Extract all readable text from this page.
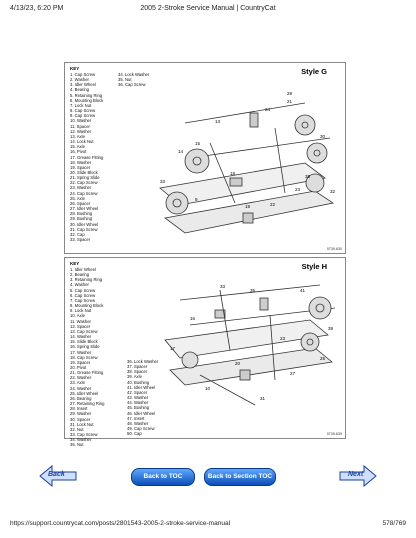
4/13/23, 6:20 PM	2005 2-Stroke Service Manual | CountryCat
KEY
1. Cap Screw
2. Washer
3. Idler Wheel
4. Bearing
5. Retaining Ring
6. Mounting Block
7. Lock Nut
8. Cap Screw
9. Cap Screw
10. Washer
11. Spacer
12. Washer
13. Axle
14. Lock Nut
15. Axle
16. Pivot
17. Grease Fitting
18. Washer
19. Spacer
20. Slide Block
21. Spring Slide
22. Cap Screw
23. Washer
24. Cap Screw
25. Axle
26. Spacer
27. Idler Wheel
28. Bushing
29. Bushing
30. Idler Wheel
31. Cap Screw
32. Cap
33. Spacer
34. Lock Washer
35. Nut
36. Cap Screw
Style G
13
15
14
28
21
18
24
30
35
33
9
22
23	32
19
0739-630
KEY
1. Idler Wheel
2. Bearing
3. Retaining Ring
4. Washer
5. Cap Screw
6. Cap Screw
7. Cap Screw
8. Mounting Block
9. Lock Nut
10. Axle
11. Washer
12. Spacer
13. Cap Screw
14. Washer
15. Slide Block
16. Spring Slide
17. Washer
18. Cap Screw
19. Spacer
20. Pivot
21. Grease Fitting
22. Washer
23. Axle
24. Washer
25. Idler Wheel
26. Bearing
27. Retaining Ring
28. Insert
29. Washer
30. Spacer
31. Lock Nut
32. Nut
33. Cap Screw
34. Washer
35. Nut
36. Lock Washer
37. Spacer
38. Spacer
39. Axle
40. Bushing
41. Idler Wheel
42. Spacer
43. Washer
44. Washer
45. Bushing
46. Idler Wheel
47. Insert
48. Washer
49. Cap Screw
50. Cap
Style H
33
35	41
39
23
16
17
20
27
25
10
31
0739-639
Back	Back to TOC	Back to Section TOC	Next
https://support.countrycat.com/posts/2801543-2005-2-stroke-service-manual	578/769
